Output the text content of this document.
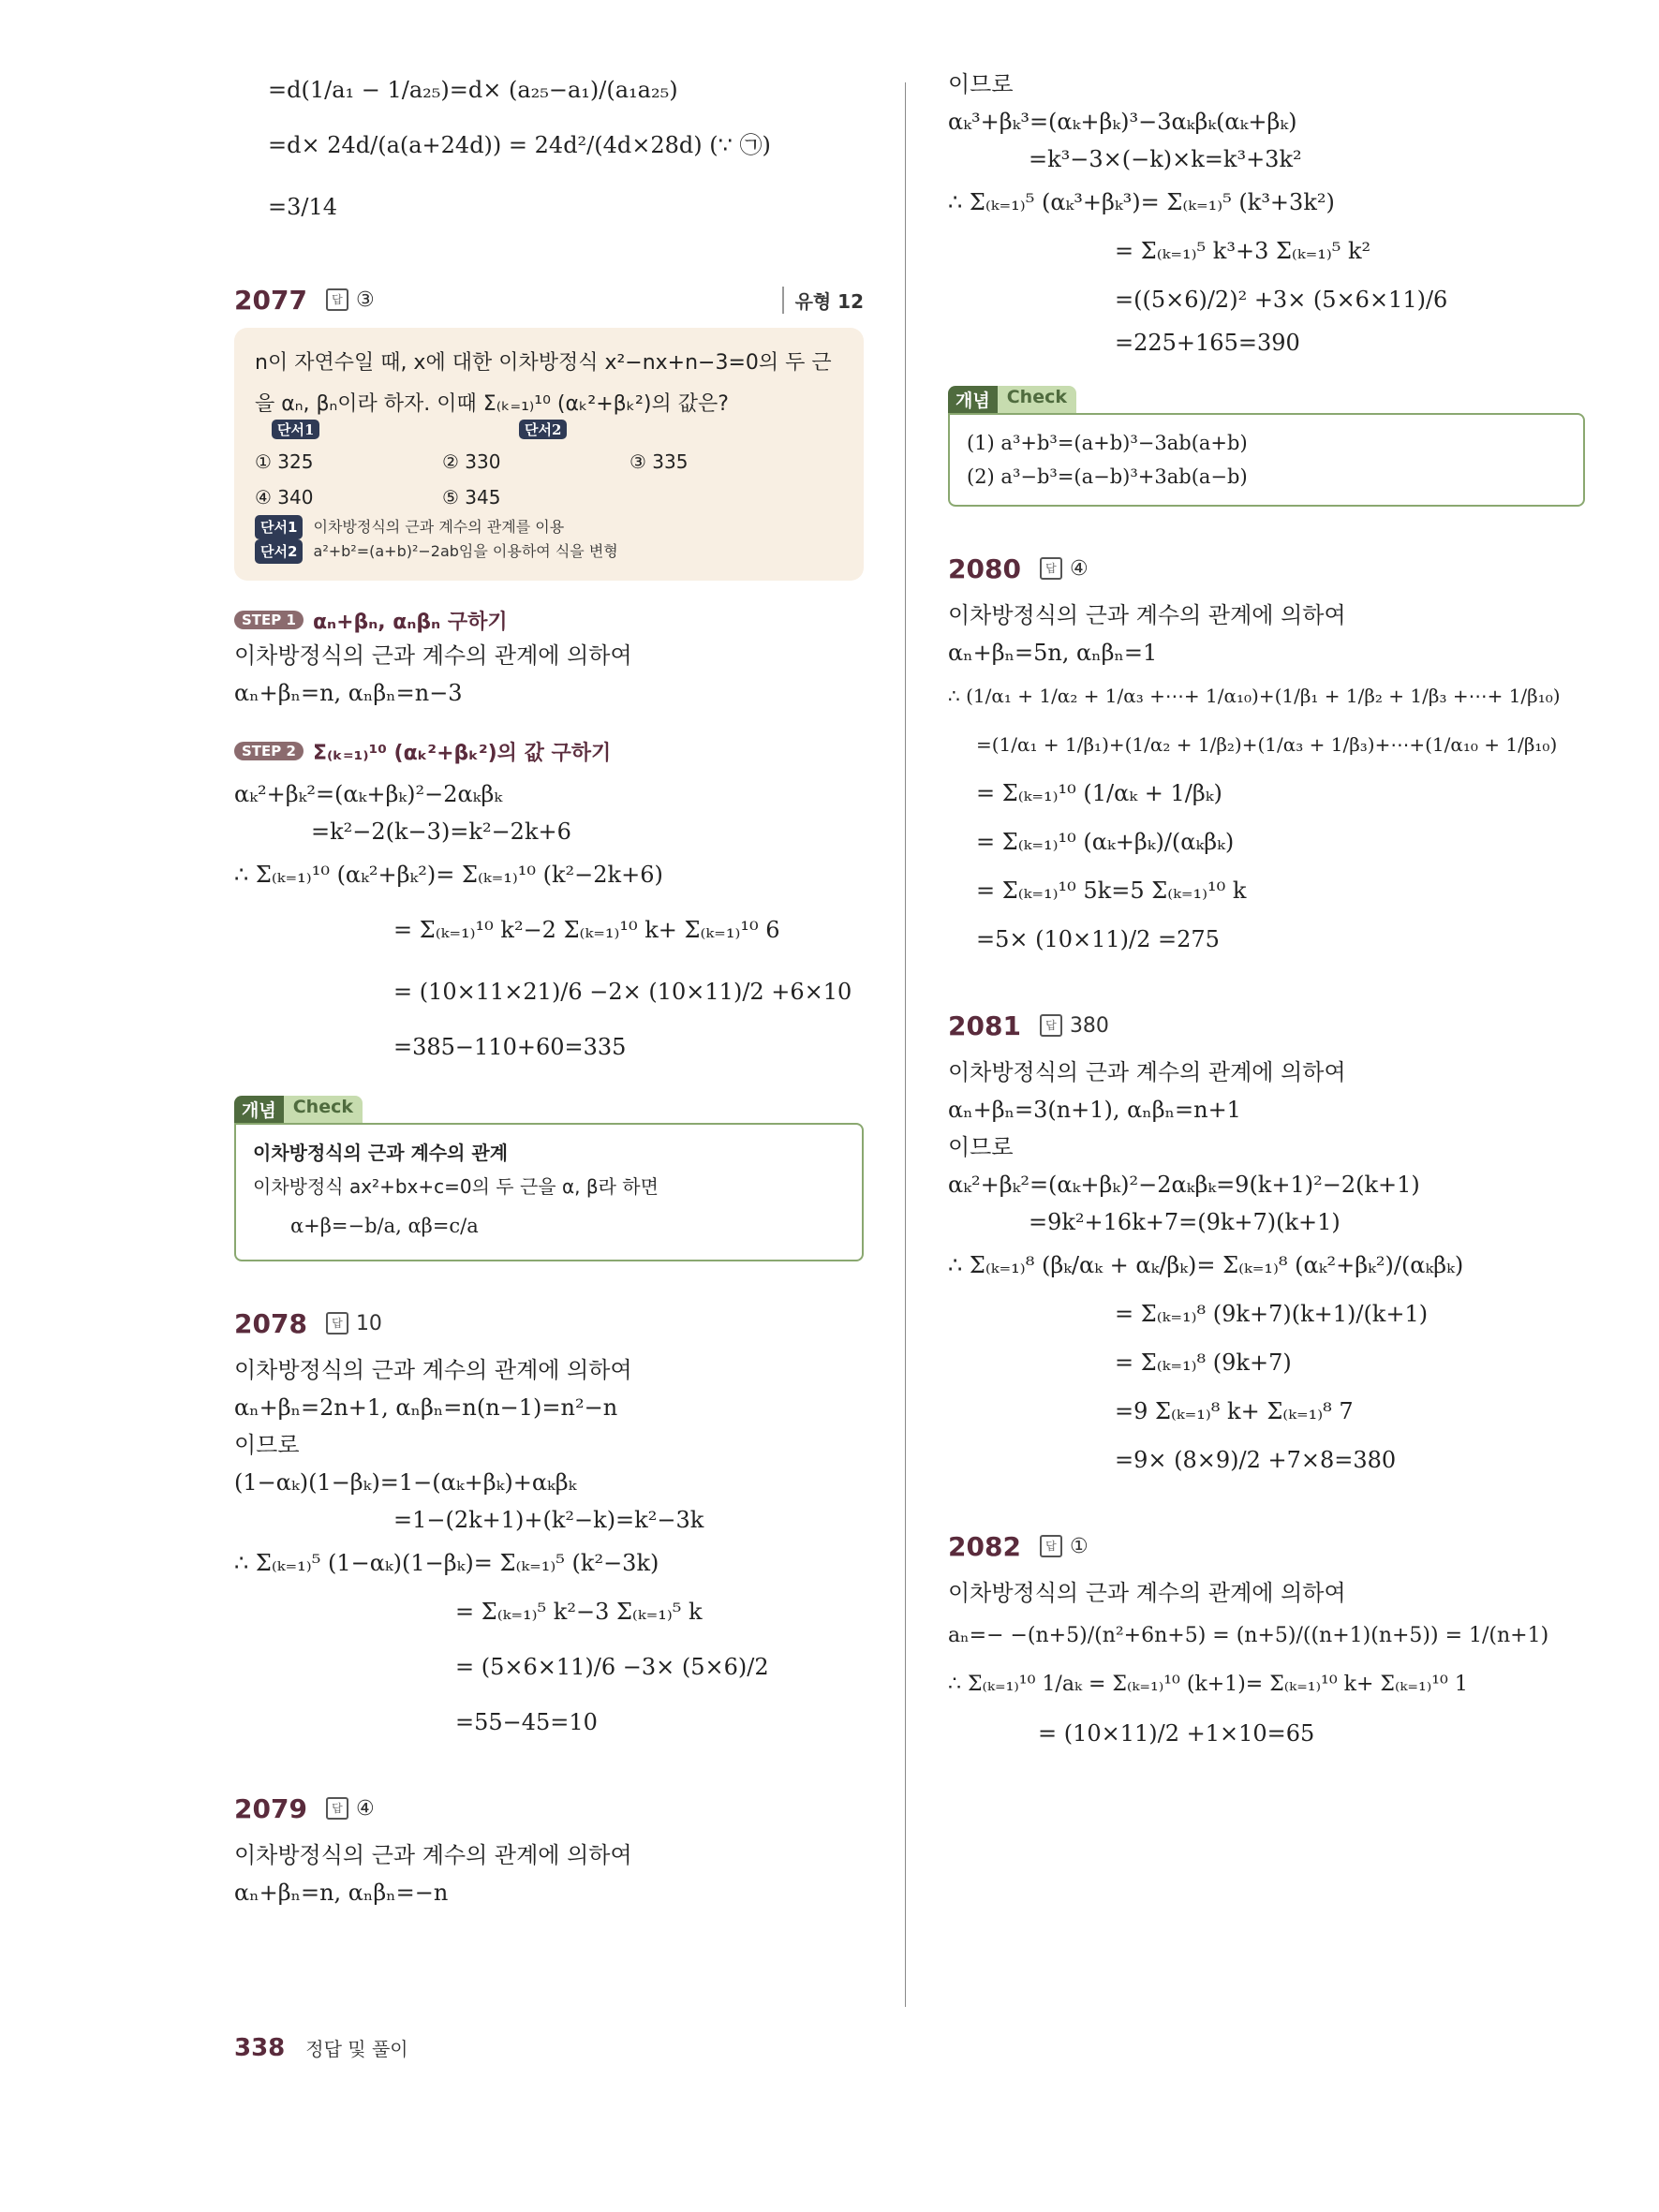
=d(1/a₁ − 1/a₂₅)=d× (a₂₅−a₁)/(a₁a₂₅)
=d× 24d/(a(a+24d)) = 24d²/(4d×28d) (∵ ㉠)
=3/14
2077	답 ③	유형 12
n이 자연수일 때, x에 대한 이차방정식 x²−nx+n−3=0의 두 근
을 αₙ, βₙ이라 하자. 이때 Σ₍ₖ₌₁₎¹⁰ (αₖ²+βₖ²)의 값은?
단서1	단서2
① 325	② 330	③ 335
④ 340	⑤ 345
단서1 이차방정식의 근과 계수의 관계를 이용
단서2 a²+b²=(a+b)²−2ab임을 이용하여 식을 변형
STEP 1 αₙ+βₙ, αₙβₙ 구하기
이차방정식의 근과 계수의 관계에 의하여
αₙ+βₙ=n, αₙβₙ=n−3
STEP 2 Σ₍ₖ₌₁₎¹⁰ (αₖ²+βₖ²)의 값 구하기
αₖ²+βₖ²=(αₖ+βₖ)²−2αₖβₖ
=k²−2(k−3)=k²−2k+6
∴ Σ₍ₖ₌₁₎¹⁰ (αₖ²+βₖ²)= Σ₍ₖ₌₁₎¹⁰ (k²−2k+6)
= Σ₍ₖ₌₁₎¹⁰ k²−2 Σ₍ₖ₌₁₎¹⁰ k+ Σ₍ₖ₌₁₎¹⁰ 6
= (10×11×21)/6 −2× (10×11)/2 +6×10
=385−110+60=335
개념 Check
이차방정식의 근과 계수의 관계
이차방정식 ax²+bx+c=0의 두 근을 α, β라 하면
α+β=−b/a, αβ=c/a
2078	답 10
이차방정식의 근과 계수의 관계에 의하여
αₙ+βₙ=2n+1, αₙβₙ=n(n−1)=n²−n
이므로
(1−αₖ)(1−βₖ)=1−(αₖ+βₖ)+αₖβₖ
=1−(2k+1)+(k²−k)=k²−3k
∴ Σ₍ₖ₌₁₎⁵ (1−αₖ)(1−βₖ)= Σ₍ₖ₌₁₎⁵ (k²−3k)
= Σ₍ₖ₌₁₎⁵ k²−3 Σ₍ₖ₌₁₎⁵ k
= (5×6×11)/6 −3× (5×6)/2
=55−45=10
2079	답 ④
이차방정식의 근과 계수의 관계에 의하여
αₙ+βₙ=n, αₙβₙ=−n
이므로
αₖ³+βₖ³=(αₖ+βₖ)³−3αₖβₖ(αₖ+βₖ)
=k³−3×(−k)×k=k³+3k²
∴ Σ₍ₖ₌₁₎⁵ (αₖ³+βₖ³)= Σ₍ₖ₌₁₎⁵ (k³+3k²)
= Σ₍ₖ₌₁₎⁵ k³+3 Σ₍ₖ₌₁₎⁵ k²
=((5×6)/2)² +3× (5×6×11)/6
=225+165=390
개념 Check
(1) a³+b³=(a+b)³−3ab(a+b)
(2) a³−b³=(a−b)³+3ab(a−b)
2080	답 ④
이차방정식의 근과 계수의 관계에 의하여
αₙ+βₙ=5n, αₙβₙ=1
∴ (1/α₁ + 1/α₂ + 1/α₃ +⋯+ 1/α₁₀)+(1/β₁ + 1/β₂ + 1/β₃ +⋯+ 1/β₁₀)
=(1/α₁ + 1/β₁)+(1/α₂ + 1/β₂)+(1/α₃ + 1/β₃)+⋯+(1/α₁₀ + 1/β₁₀)
= Σ₍ₖ₌₁₎¹⁰ (1/αₖ + 1/βₖ)
= Σ₍ₖ₌₁₎¹⁰ (αₖ+βₖ)/(αₖβₖ)
= Σ₍ₖ₌₁₎¹⁰ 5k=5 Σ₍ₖ₌₁₎¹⁰ k
=5× (10×11)/2 =275
2081	답 380
이차방정식의 근과 계수의 관계에 의하여
αₙ+βₙ=3(n+1), αₙβₙ=n+1
이므로
αₖ²+βₖ²=(αₖ+βₖ)²−2αₖβₖ=9(k+1)²−2(k+1)
=9k²+16k+7=(9k+7)(k+1)
∴ Σ₍ₖ₌₁₎⁸ (βₖ/αₖ + αₖ/βₖ)= Σ₍ₖ₌₁₎⁸ (αₖ²+βₖ²)/(αₖβₖ)
= Σ₍ₖ₌₁₎⁸ (9k+7)(k+1)/(k+1)
= Σ₍ₖ₌₁₎⁸ (9k+7)
=9 Σ₍ₖ₌₁₎⁸ k+ Σ₍ₖ₌₁₎⁸ 7
=9× (8×9)/2 +7×8=380
2082	답 ①
이차방정식의 근과 계수의 관계에 의하여
aₙ=− −(n+5)/(n²+6n+5) = (n+5)/((n+1)(n+5)) = 1/(n+1)
∴ Σ₍ₖ₌₁₎¹⁰ 1/aₖ = Σ₍ₖ₌₁₎¹⁰ (k+1)= Σ₍ₖ₌₁₎¹⁰ k+ Σ₍ₖ₌₁₎¹⁰ 1
= (10×11)/2 +1×10=65
338 정답 및 풀이
